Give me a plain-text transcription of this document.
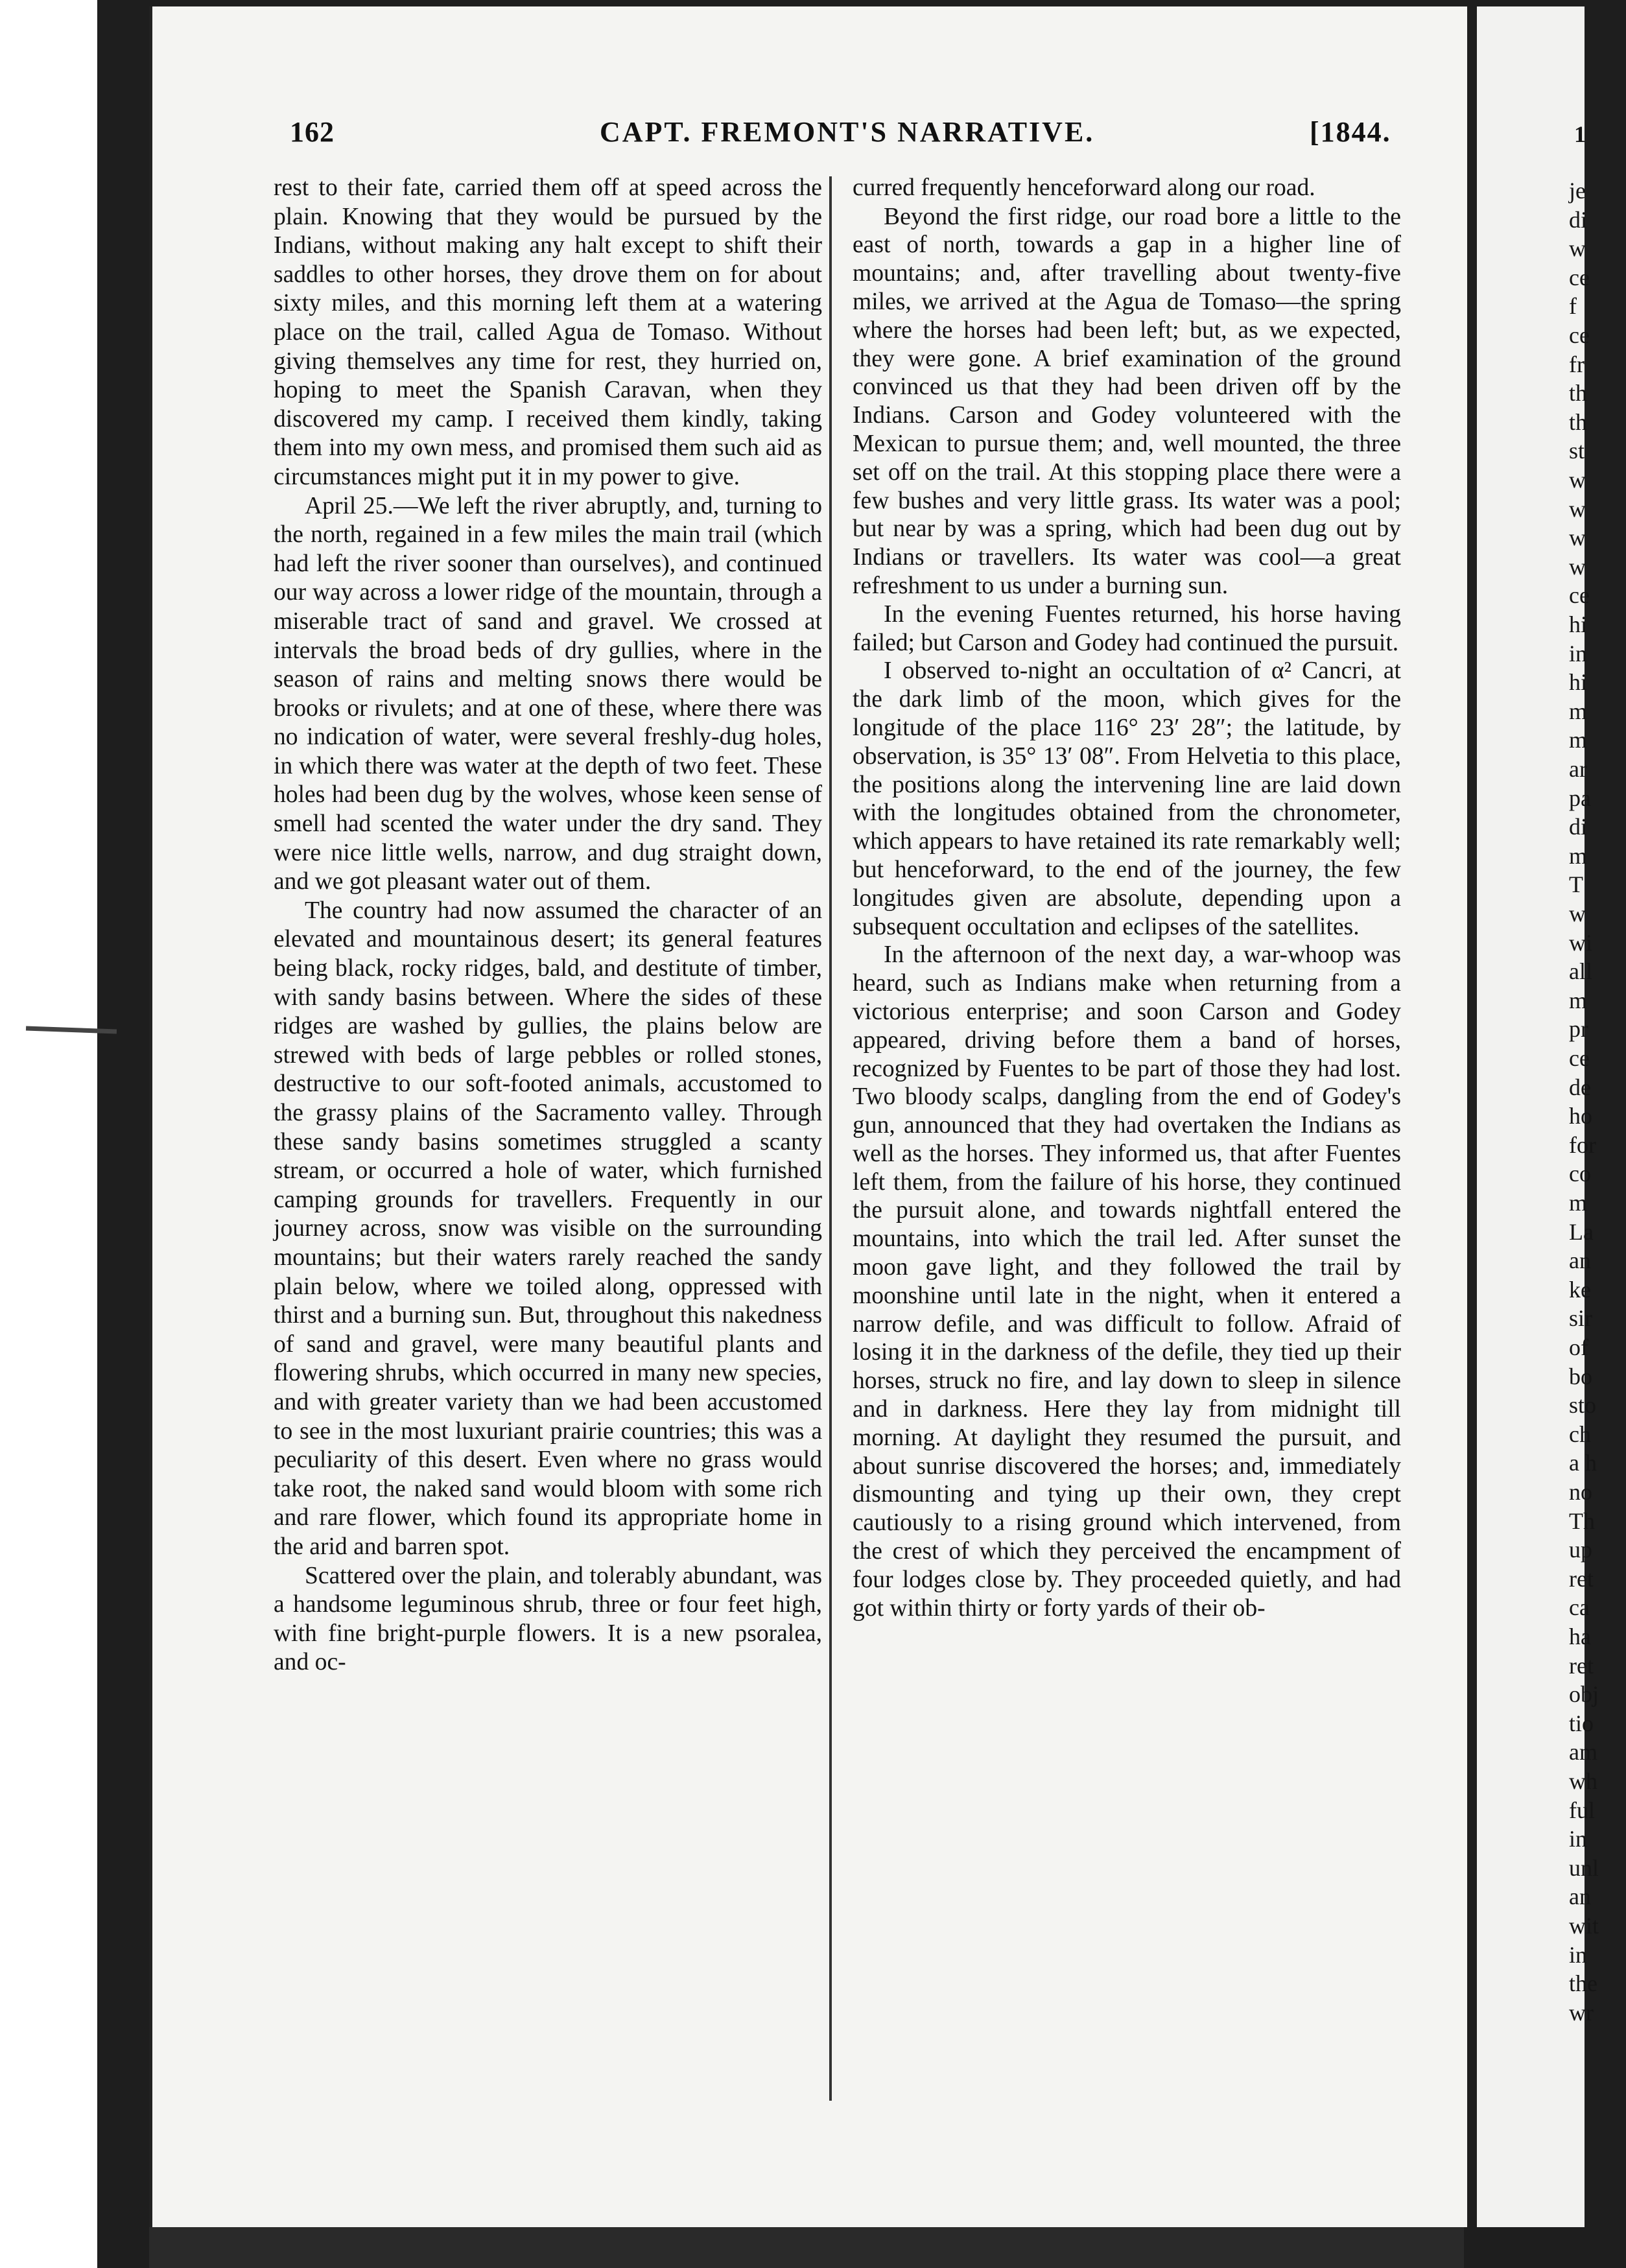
162	CAPT. FREMONT'S NARRATIVE.	[1844.

rest to their fate, carried them off at speed across the plain. Knowing that they would be pursued by the Indians, without making any halt except to shift their saddles to other horses, they drove them on for about sixty miles, and this morning left them at a watering place on the trail, called Agua de Tomaso. Without giving themselves any time for rest, they hurried on, hoping to meet the Spanish Caravan, when they discovered my camp. I received them kindly, taking them into my own mess, and promised them such aid as circumstances might put it in my power to give.

April 25.—We left the river abruptly, and, turning to the north, regained in a few miles the main trail (which had left the river sooner than ourselves), and continued our way across a lower ridge of the mountain, through a miserable tract of sand and gravel. We crossed at intervals the broad beds of dry gullies, where in the season of rains and melting snows there would be brooks or rivulets; and at one of these, where there was no indication of water, were several freshly-dug holes, in which there was water at the depth of two feet. These holes had been dug by the wolves, whose keen sense of smell had scented the water under the dry sand. They were nice little wells, narrow, and dug straight down, and we got pleasant water out of them.

The country had now assumed the character of an elevated and mountainous desert; its general features being black, rocky ridges, bald, and destitute of timber, with sandy basins between. Where the sides of these ridges are washed by gullies, the plains below are strewed with beds of large pebbles or rolled stones, destructive to our soft-footed animals, accustomed to the grassy plains of the Sacramento valley. Through these sandy basins sometimes struggled a scanty stream, or occurred a hole of water, which furnished camping grounds for travellers. Frequently in our journey across, snow was visible on the surrounding mountains; but their waters rarely reached the sandy plain below, where we toiled along, oppressed with thirst and a burning sun. But, throughout this nakedness of sand and gravel, were many beautiful plants and flowering shrubs, which occurred in many new species, and with greater variety than we had been accustomed to see in the most luxuriant prairie countries; this was a peculiarity of this desert. Even where no grass would take root, the naked sand would bloom with some rich and rare flower, which found its appropriate home in the arid and barren spot.

Scattered over the plain, and tolerably abundant, was a handsome leguminous shrub, three or four feet high, with fine bright-purple flowers. It is a new psoralea, and oc-

curred frequently henceforward along our road.

Beyond the first ridge, our road bore a little to the east of north, towards a gap in a higher line of mountains; and, after travelling about twenty-five miles, we arrived at the Agua de Tomaso—the spring where the horses had been left; but, as we expected, they were gone. A brief examination of the ground convinced us that they had been driven off by the Indians. Carson and Godey volunteered with the Mexican to pursue them; and, well mounted, the three set off on the trail. At this stopping place there were a few bushes and very little grass. Its water was a pool; but near by was a spring, which had been dug out by Indians or travellers. Its water was cool—a great refreshment to us under a burning sun.

In the evening Fuentes returned, his horse having failed; but Carson and Godey had continued the pursuit.

I observed to-night an occultation of α² Cancri, at the dark limb of the moon, which gives for the longitude of the place 116° 23′ 28″; the latitude, by observation, is 35° 13′ 08″. From Helvetia to this place, the positions along the intervening line are laid down with the longitudes obtained from the chronometer, which appears to have retained its rate remarkably well; but henceforward, to the end of the journey, the few longitudes given are absolute, depending upon a subsequent occultation and eclipses of the satellites.

In the afternoon of the next day, a war-whoop was heard, such as Indians make when returning from a victorious enterprise; and soon Carson and Godey appeared, driving before them a band of horses, recognized by Fuentes to be part of those they had lost. Two bloody scalps, dangling from the end of Godey's gun, announced that they had overtaken the Indians as well as the horses. They informed us, that after Fuentes left them, from the failure of his horse, they continued the pursuit alone, and towards nightfall entered the mountains, into which the trail led. After sunset the moon gave light, and they followed the trail by moonshine until late in the night, when it entered a narrow defile, and was difficult to follow. Afraid of losing it in the darkness of the defile, they tied up their horses, struck no fire, and lay down to sleep in silence and in darkness. Here they lay from midnight till morning. At daylight they resumed the pursuit, and about sunrise discovered the horses; and, immediately dismounting and tying up their own, they crept cautiously to a rising ground which intervened, from the crest of which they perceived the encampment of four lodges close by. They proceeded quietly, and had got within thirty or forty yards of their ob-

1
je
di
w
ce
f
ce
fr
th
th
st
w
w
w
w
ce
hi
in
hi
m
m
ar
pa
di
m
T
w
wi
all
m
pr
ce
de
ho
for
co
m
La
an
ke
sir
of
bo
sto
ch
a h
no
Th
up
ret
ca
ha
ret
obj
tio
am
wh
ful
in
unl
an
wit
in
the
wr
